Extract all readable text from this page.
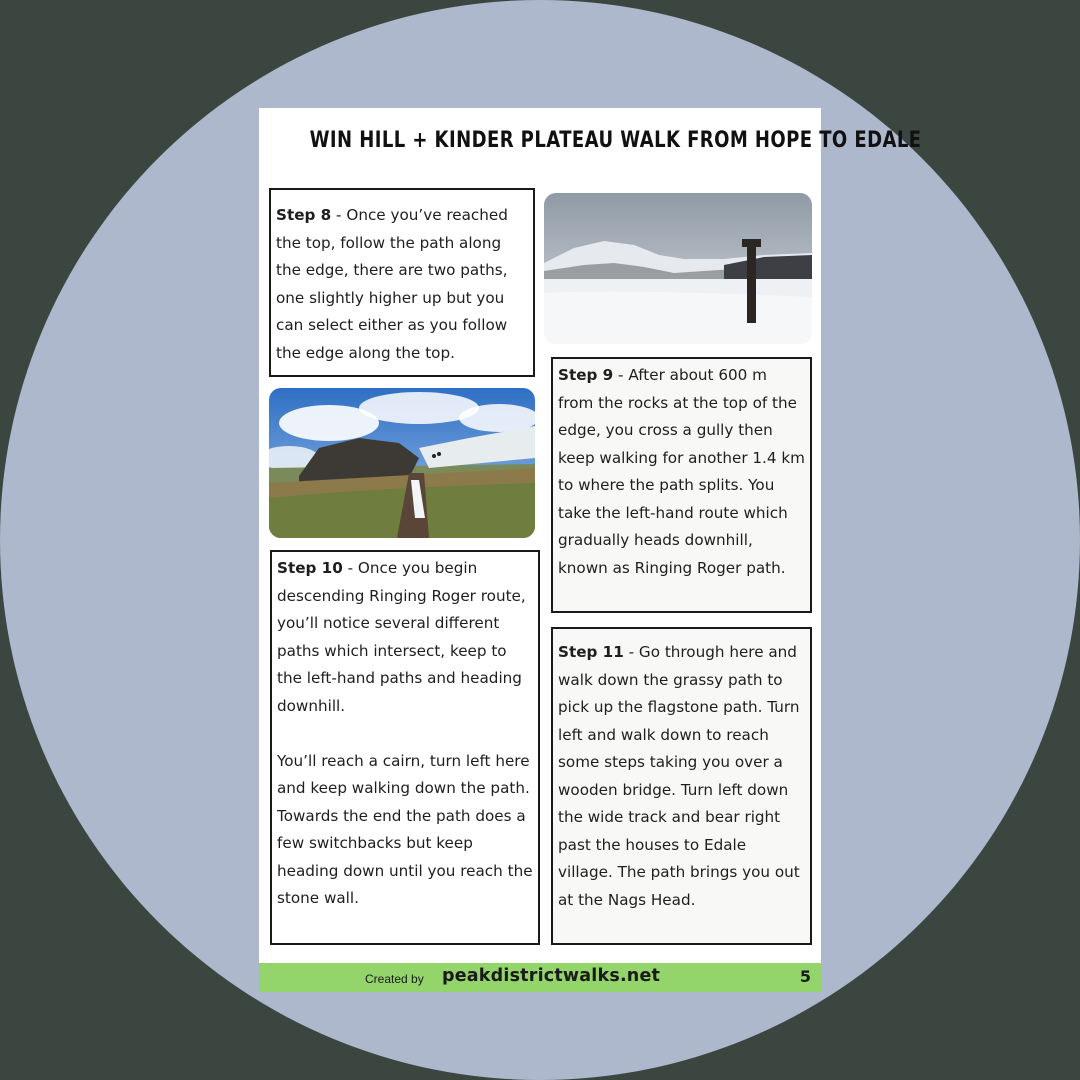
WIN HILL + KINDER PLATEAU WALK FROM HOPE TO EDALE

Step 8 - Once you’ve reached the top, follow the path along the edge, there are two paths, one slightly higher up but you can select either as you follow the edge along the top.

Step 9 - After about 600 m from the rocks at the top of the edge, you cross a gully then keep walking for another 1.4 km to where the path splits. You take the left-hand route which gradually heads downhill, known as Ringing Roger path.

Step 10 - Once you begin descending Ringing Roger route, you’ll notice several different paths which intersect, keep to the left-hand paths and heading downhill.

You’ll reach a cairn, turn left here and keep walking down the path. Towards the end the path does a few switchbacks but keep heading down until you reach the stone wall.

Step 11 - Go through here and walk down the grassy path to pick up the flagstone path. Turn left and walk down to reach some steps taking you over a wooden bridge. Turn left down the wide track and bear right past the houses to Edale village. The path brings you out at the Nags Head.

Created by peakdistrictwalks.net	5
